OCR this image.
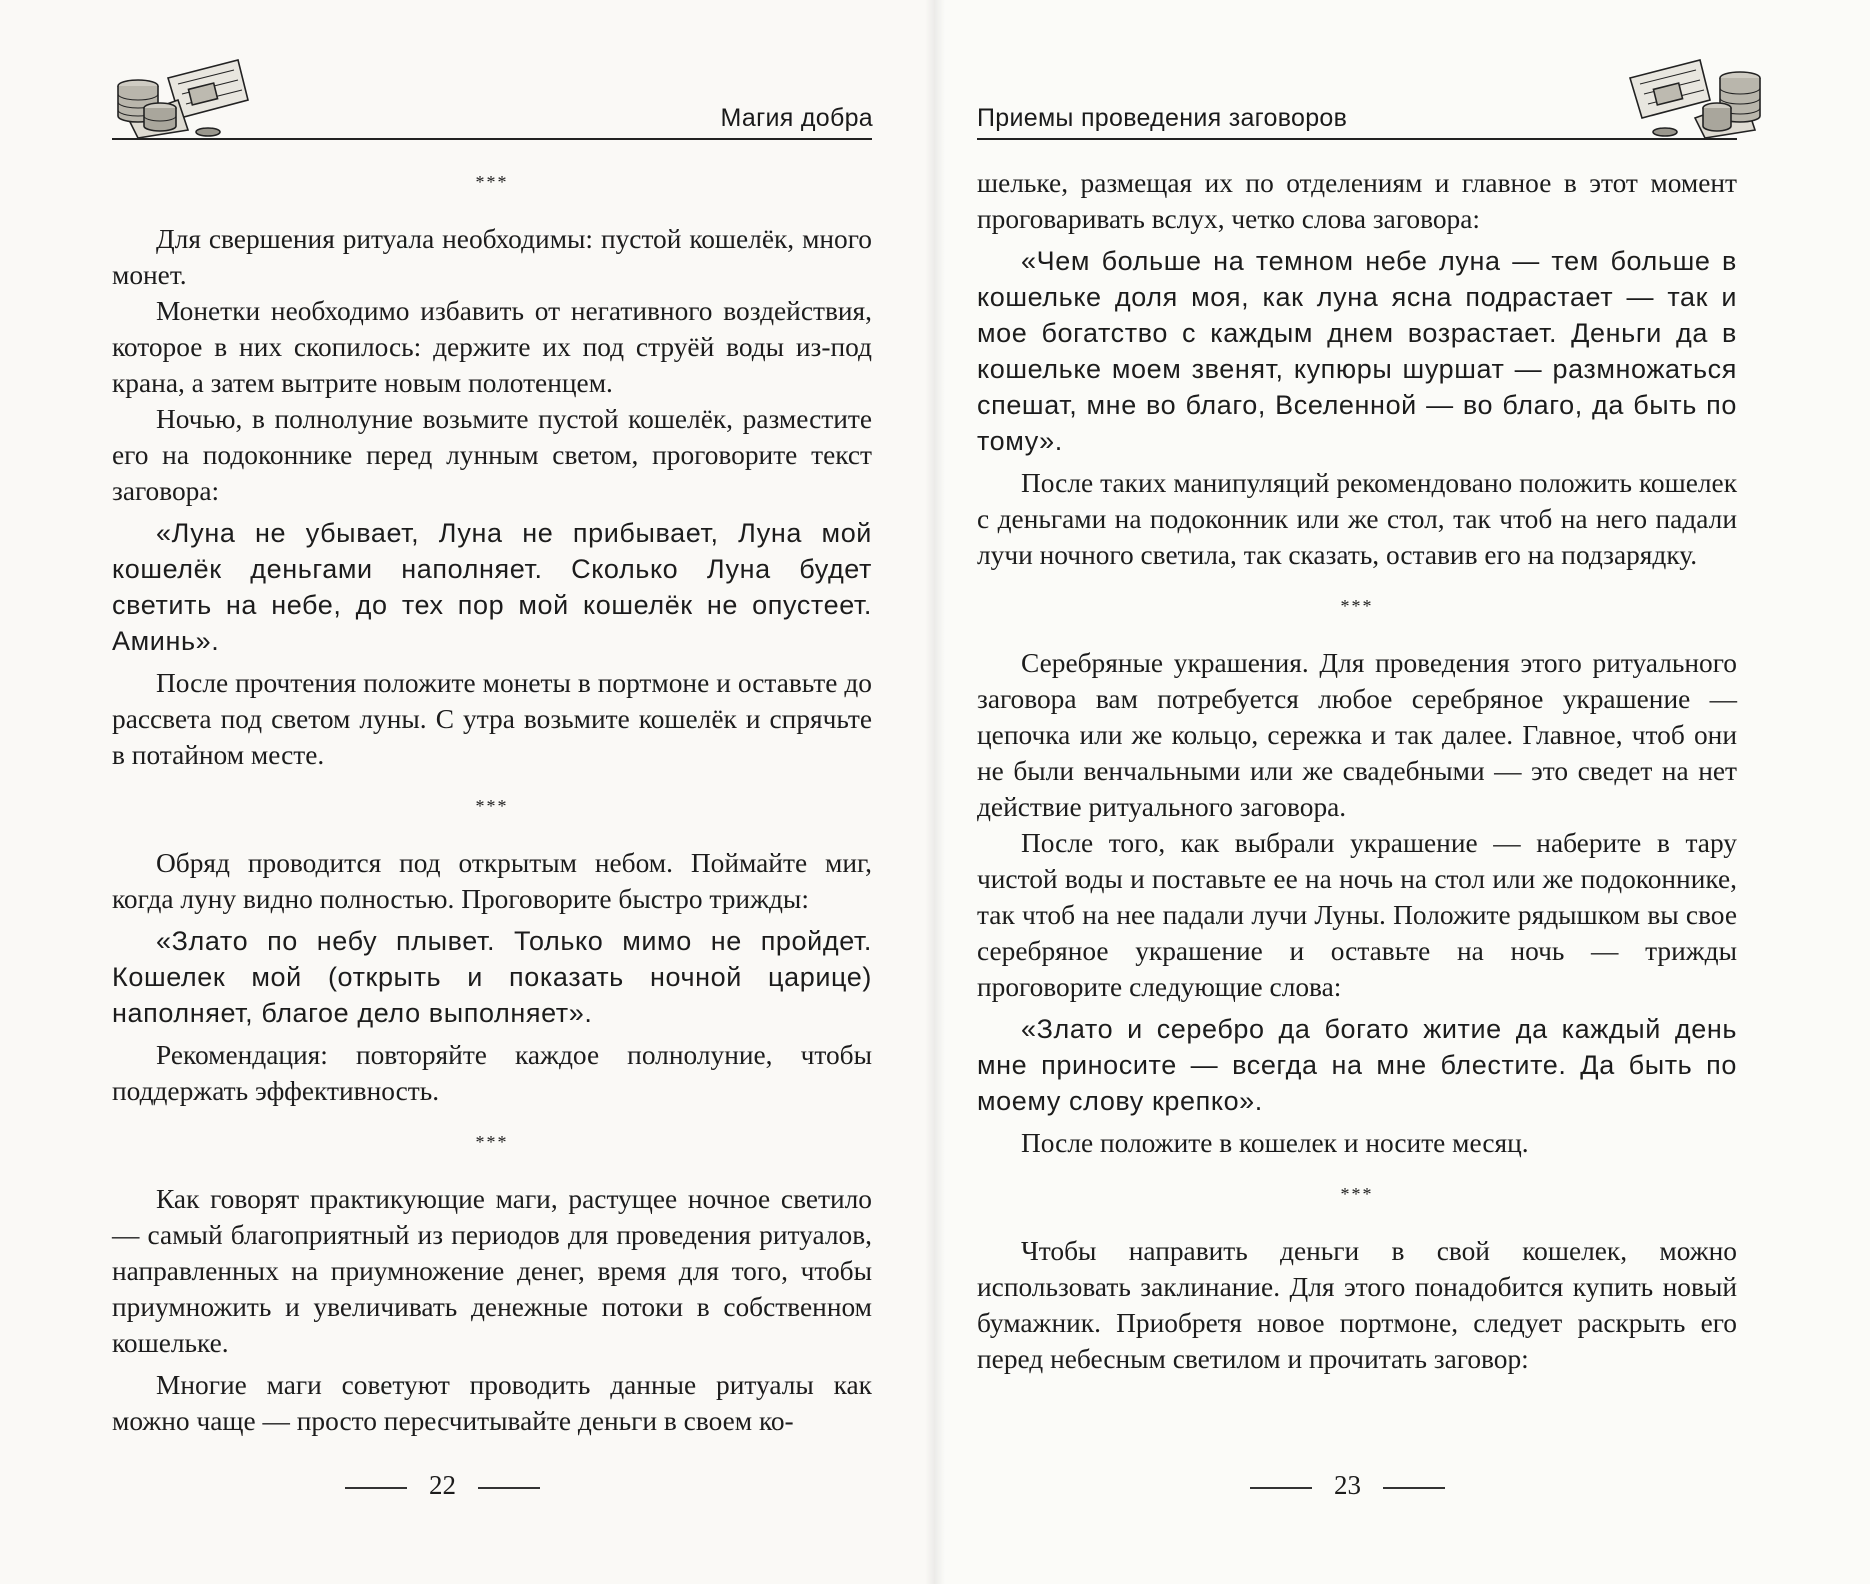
Магия добра
***

Для свершения ритуала необходимы: пустой кошелёк, много монет.

Монетки необходимо избавить от негативного воздействия, которое в них скопилось: держите их под струёй воды из-под крана, а затем вытрите новым полотенцем.

Ночью, в полнолуние возьмите пустой кошелёк, разместите его на подоконнике перед лунным светом, проговорите текст заговора:

«Луна не убывает, Луна не прибывает, Луна мой кошелёк деньгами наполняет. Сколько Луна будет светить на небе, до тех пор мой кошелёк не опустеет. Аминь».

После прочтения положите монеты в портмоне и оставьте до рассвета под светом луны. С утра возьмите кошелёк и спрячьте в потайном месте.

***

Обряд проводится под открытым небом. Поймайте миг, когда луну видно полностью. Проговорите быстро трижды:

«Злато по небу плывет. Только мимо не пройдет. Кошелек мой (открыть и показать ночной царице) наполняет, благое дело выполняет».

Рекомендация: повторяйте каждое полнолуние, чтобы поддержать эффективность.

***

Как говорят практикующие маги, растущее ночное светило — самый благоприятный из периодов для проведения ритуалов, направленных на приумножение денег, время для того, чтобы приумножить и увеличивать денежные потоки в собственном кошельке.

Многие маги советуют проводить данные ритуалы как можно чаще — просто пересчитывайте деньги в своем ко-

22
Приемы проведения заговоров

шельке, размещая их по отделениям и главное в этот момент проговаривать вслух, четко слова заговора:

«Чем больше на темном небе луна — тем больше в кошельке доля моя, как луна ясна подрастает — так и мое богатство с каждым днем возрастает. Деньги да в кошельке моем звенят, купюры шуршат — размножаться спешат, мне во благо, Вселенной — во благо, да быть по тому».

После таких манипуляций рекомендовано положить кошелек с деньгами на подоконник или же стол, так чтоб на него падали лучи ночного светила, так сказать, оставив его на подзарядку.

***

Серебряные украшения. Для проведения этого ритуального заговора вам потребуется любое серебряное украшение — цепочка или же кольцо, сережка и так далее. Главное, чтоб они не были венчальными или же свадебными — это сведет на нет действие ритуального заговора.

После того, как выбрали украшение — наберите в тару чистой воды и поставьте ее на ночь на стол или же подоконнике, так чтоб на нее падали лучи Луны. Положите рядышком вы свое серебряное украшение и оставьте на ночь — трижды проговорите следующие слова:

«Злато и серебро да богато житие да каждый день мне приносите — всегда на мне блестите. Да быть по моему слову крепко».

После положите в кошелек и носите месяц.

***

Чтобы направить деньги в свой кошелек, можно использовать заклинание. Для этого понадобится купить новый бумажник. Приобретя новое портмоне, следует раскрыть его перед небесным светилом и прочитать заговор:

23
